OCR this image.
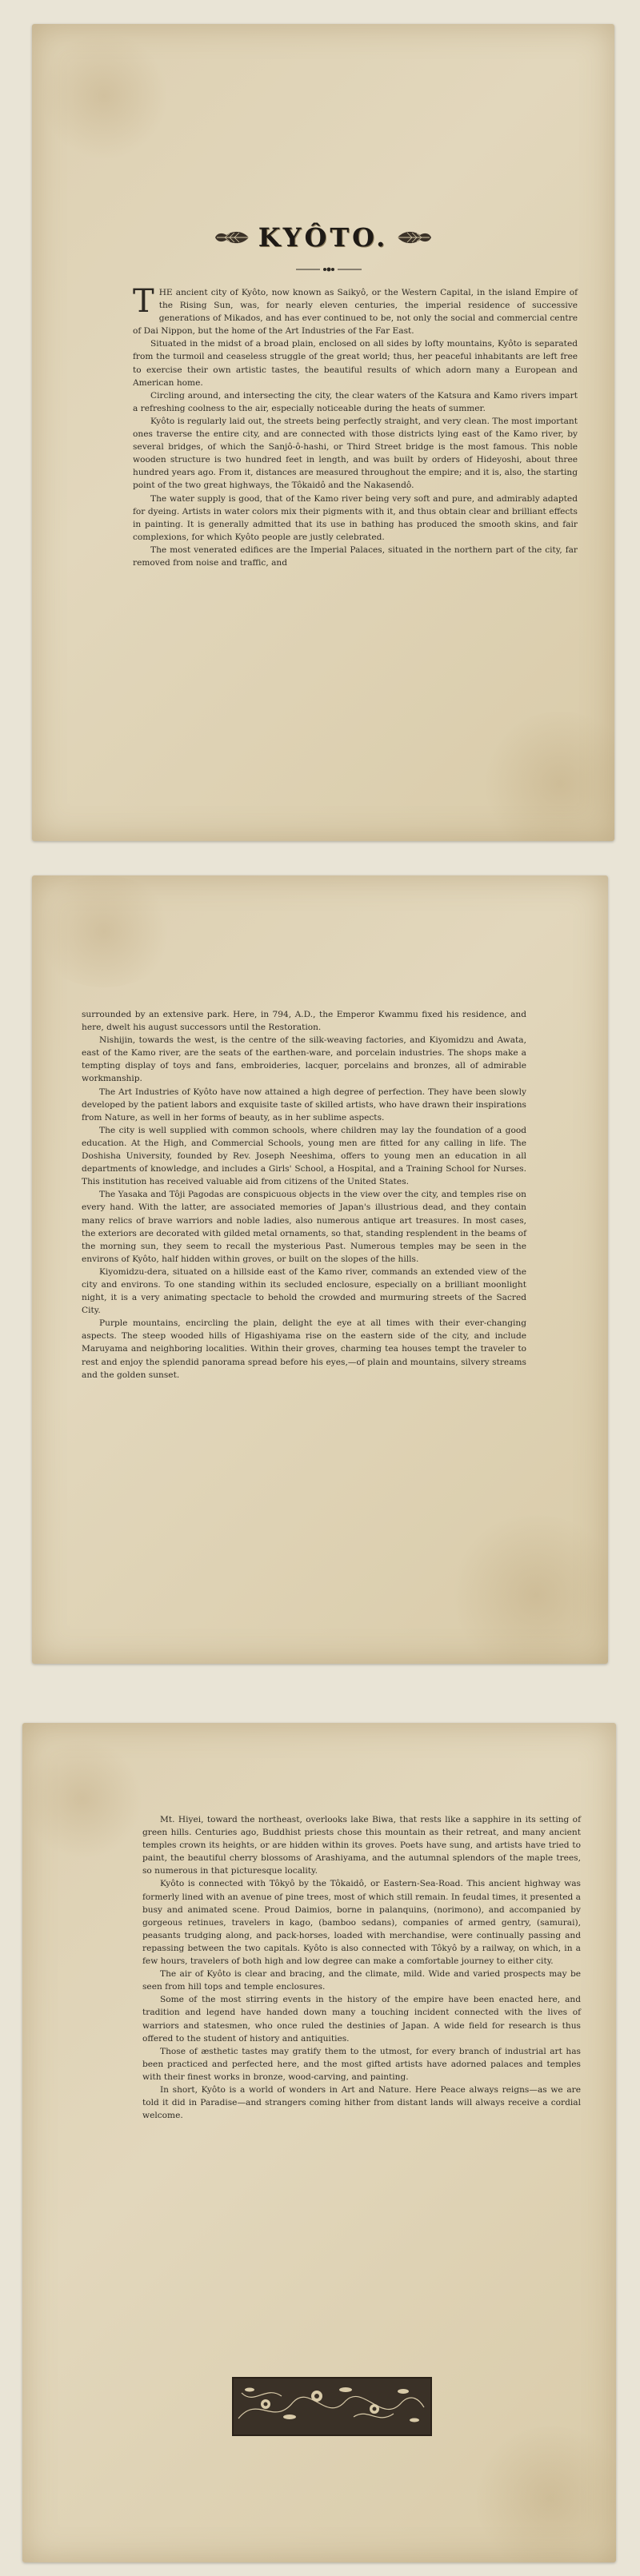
KYÔTO.

THE ancient city of Kyôto, now known as Saikyô, or the Western Capital, in the island Empire of the Rising Sun, was, for nearly eleven centuries, the imperial residence of successive generations of Mikados, and has ever continued to be, not only the social and commercial centre of Dai Nippon, but the home of the Art Industries of the Far East.

Situated in the midst of a broad plain, enclosed on all sides by lofty mountains, Kyôto is separated from the turmoil and ceaseless struggle of the great world; thus, her peaceful inhabitants are left free to exercise their own artistic tastes, the beautiful results of which adorn many a European and American home.

Circling around, and intersecting the city, the clear waters of the Katsura and Kamo rivers impart a refreshing coolness to the air, especially noticeable during the heats of summer.

Kyôto is regularly laid out, the streets being perfectly straight, and very clean. The most important ones traverse the entire city, and are connected with those districts lying east of the Kamo river, by several bridges, of which the Sanjô-ô-hashi, or Third Street bridge is the most famous. This noble wooden structure is two hundred feet in length, and was built by orders of Hideyoshi, about three hundred years ago. From it, distances are measured throughout the empire; and it is, also, the starting point of the two great highways, the Tôkaidô and the Nakasendô.

The water supply is good, that of the Kamo river being very soft and pure, and admirably adapted for dyeing. Artists in water colors mix their pigments with it, and thus obtain clear and brilliant effects in painting. It is generally admitted that its use in bathing has produced the smooth skins, and fair complexions, for which Kyôto people are justly celebrated.

The most venerated edifices are the Imperial Palaces, situated in the northern part of the city, far removed from noise and traffic, and

surrounded by an extensive park. Here, in 794, A.D., the Emperor Kwammu fixed his residence, and here, dwelt his august successors until the Restoration.

Nishijin, towards the west, is the centre of the silk-weaving factories, and Kiyomidzu and Awata, east of the Kamo river, are the seats of the earthen-ware, and porcelain industries. The shops make a tempting display of toys and fans, embroideries, lacquer, porcelains and bronzes, all of admirable workmanship.

The Art Industries of Kyôto have now attained a high degree of perfection. They have been slowly developed by the patient labors and exquisite taste of skilled artists, who have drawn their inspirations from Nature, as well in her forms of beauty, as in her sublime aspects.

The city is well supplied with common schools, where children may lay the foundation of a good education. At the High, and Commercial Schools, young men are fitted for any calling in life. The Doshisha University, founded by Rev. Joseph Neeshima, offers to young men an education in all departments of knowledge, and includes a Girls' School, a Hospital, and a Training School for Nurses. This institution has received valuable aid from citizens of the United States.

The Yasaka and Tôji Pagodas are conspicuous objects in the view over the city, and temples rise on every hand. With the latter, are associated memories of Japan's illustrious dead, and they contain many relics of brave warriors and noble ladies, also numerous antique art treasures. In most cases, the exteriors are decorated with gilded metal ornaments, so that, standing resplendent in the beams of the morning sun, they seem to recall the mysterious Past. Numerous temples may be seen in the environs of Kyôto, half hidden within groves, or built on the slopes of the hills.

Kiyomidzu-dera, situated on a hillside east of the Kamo river, commands an extended view of the city and environs. To one standing within its secluded enclosure, especially on a brilliant moonlight night, it is a very animating spectacle to behold the crowded and murmuring streets of the Sacred City.

Purple mountains, encircling the plain, delight the eye at all times with their ever-changing aspects. The steep wooded hills of Higashiyama rise on the eastern side of the city, and include Maruyama and neighboring localities. Within their groves, charming tea houses tempt the traveler to rest and enjoy the splendid panorama spread before his eyes,—of plain and mountains, silvery streams and the golden sunset.

Mt. Hiyei, toward the northeast, overlooks lake Biwa, that rests like a sapphire in its setting of green hills. Centuries ago, Buddhist priests chose this mountain as their retreat, and many ancient temples crown its heights, or are hidden within its groves. Poets have sung, and artists have tried to paint, the beautiful cherry blossoms of Arashiyama, and the autumnal splendors of the maple trees, so numerous in that picturesque locality.

Kyôto is connected with Tôkyô by the Tôkaidô, or Eastern-Sea-Road. This ancient highway was formerly lined with an avenue of pine trees, most of which still remain. In feudal times, it presented a busy and animated scene. Proud Daimios, borne in palanquins, (norimono), and accompanied by gorgeous retinues, travelers in kago, (bamboo sedans), companies of armed gentry, (samurai), peasants trudging along, and pack-horses, loaded with merchandise, were continually passing and repassing between the two capitals. Kyôto is also connected with Tôkyô by a railway, on which, in a few hours, travelers of both high and low degree can make a comfortable journey to either city.

The air of Kyôto is clear and bracing, and the climate, mild. Wide and varied prospects may be seen from hill tops and temple enclosures.

Some of the most stirring events in the history of the empire have been enacted here, and tradition and legend have handed down many a touching incident connected with the lives of warriors and statesmen, who once ruled the destinies of Japan. A wide field for research is thus offered to the student of history and antiquities.

Those of æsthetic tastes may gratify them to the utmost, for every branch of industrial art has been practiced and perfected here, and the most gifted artists have adorned palaces and temples with their finest works in bronze, wood-carving, and painting.

In short, Kyôto is a world of wonders in Art and Nature. Here Peace always reigns—as we are told it did in Paradise—and strangers coming hither from distant lands will always receive a cordial welcome.
